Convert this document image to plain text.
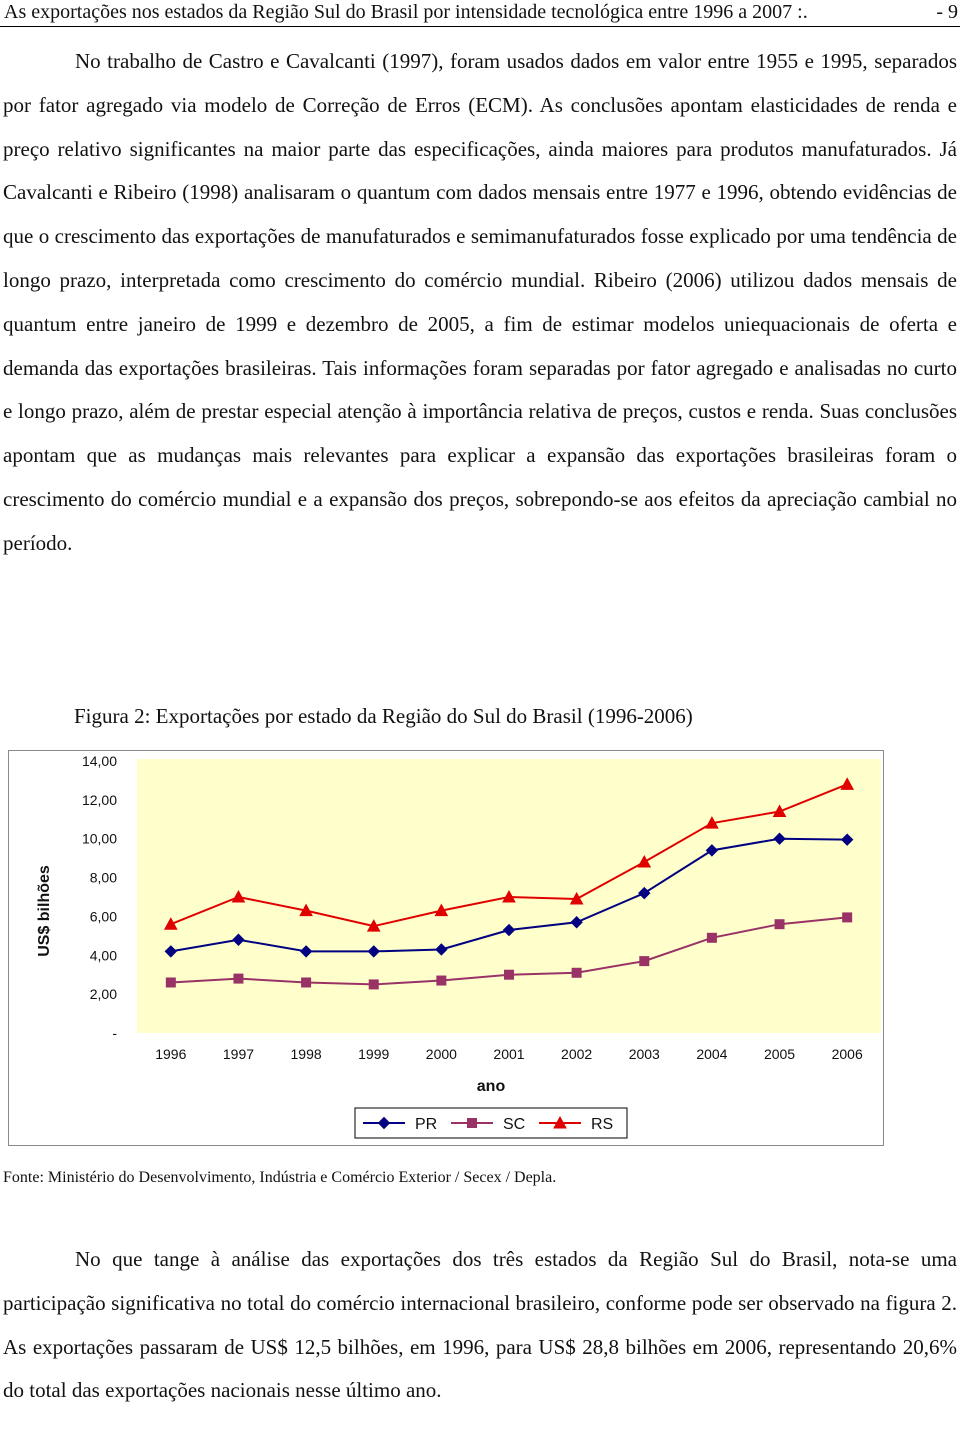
As exportações nos estados da Região Sul do Brasil por intensidade tecnológica entre 1996 a 2007 :.	- 9

No trabalho de Castro e Cavalcanti (1997), foram usados dados em valor entre 1955 e 1995, separados por fator agregado via modelo de Correção de Erros (ECM). As conclusões apontam elasticidades de renda e preço relativo significantes na maior parte das especificações, ainda maiores para produtos manufaturados. Já Cavalcanti e Ribeiro (1998) analisaram o quantum com dados mensais entre 1977 e 1996, obtendo evidências de que o crescimento das exportações de manufaturados e semimanufaturados fosse explicado por uma tendência de longo prazo, interpretada como crescimento do comércio mundial. Ribeiro (2006) utilizou dados mensais de quantum entre janeiro de 1999 e dezembro de 2005, a fim de estimar modelos uniequacionais de oferta e demanda das exportações brasileiras. Tais informações foram separadas por fator agregado e analisadas no curto e longo prazo, além de prestar especial atenção à importância relativa de preços, custos e renda. Suas conclusões apontam que as mudanças mais relevantes para explicar a expansão das exportações brasileiras foram o crescimento do comércio mundial e a expansão dos preços, sobrepondo-se aos efeitos da apreciação cambial no período.

Figura 2: Exportações por estado da Região do Sul do Brasil (1996-2006)
-
2,00
4,00
6,00
8,00
10,00
12,00
14,00
1996	1997	1998	1999	2000	2001	2002	2003	2004	2005	2006
US$ bilhões
ano
PR	SC	RS
Fonte: Ministério do Desenvolvimento, Indústria e Comércio Exterior / Secex / Depla.

No que tange à análise das exportações dos três estados da Região Sul do Brasil, nota-se uma participação significativa no total do comércio internacional brasileiro, conforme pode ser observado na figura 2. As exportações passaram de US$ 12,5 bilhões, em 1996, para US$ 28,8 bilhões em 2006, representando 20,6% do total das exportações nacionais nesse último ano.
